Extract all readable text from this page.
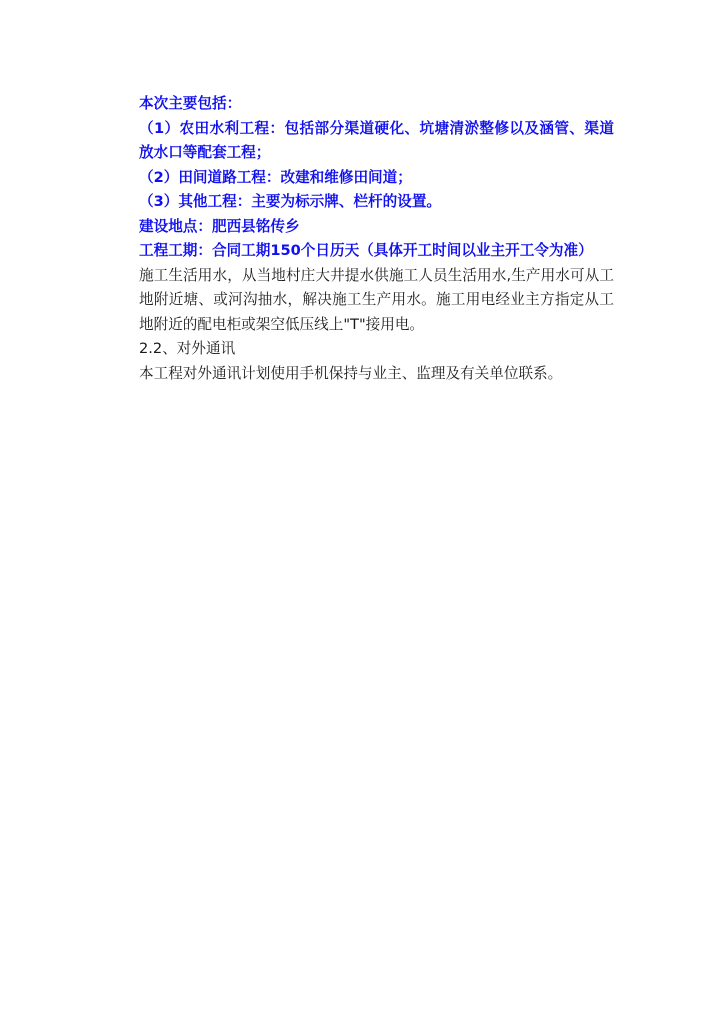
本次主要包括：

（1）农田水利工程：包括部分渠道硬化、坑塘清淤整修以及涵管、渠道放水口等配套工程；

（2）田间道路工程：改建和维修田间道；

（3）其他工程：主要为标示牌、栏杆的设置。

建设地点：肥西县铭传乡

工程工期：合同工期150个日历天（具体开工时间以业主开工令为准）

施工生活用水，从当地村庄大井提水供施工人员生活用水,生产用水可从工地附近塘、或河沟抽水，解决施工生产用水。施工用电经业主方指定从工地附近的配电柜或架空低压线上"T"接用电。

2.2、对外通讯

本工程对外通讯计划使用手机保持与业主、监理及有关单位联系。
